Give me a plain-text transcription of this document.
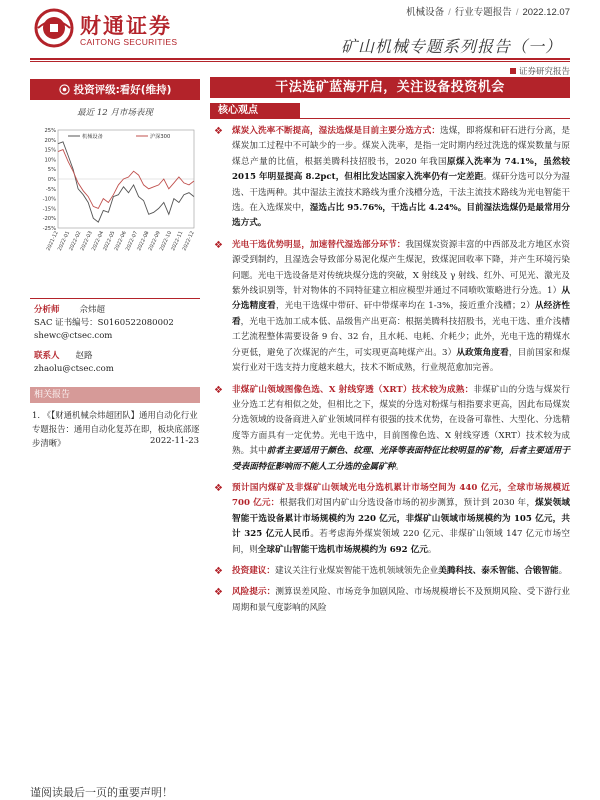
财通证券
CAITONG SECURITIES
机械设备 / 行业专题报告 / 2022.12.07
矿山机械专题系列报告（一）
证券研究报告
投资评级:看好(维持)
最近 12 月市场表现
25%
20%
15%
10%
5%
0%
-5%
-10%
-15%
-20%
-25%
2021-12
2022-01
2022-02
2022-03
2022-04
2022-05
2022-06
2022-07
2022-08
2022-09
2022-10
2022-11
2022-12
机械设备	沪深300
分析师 佘炜超
SAC 证书编号：S0160522080002
shewc@ctsec.com
联系人 赵路
zhaolu@ctsec.com
相关报告
1. 《【财通机械佘炜超团队】通用自动化行业专题报告：通用自动化复苏在即，板块底部逐步清晰》	2022-11-23
干法选矿蓝海开启，关注设备投资机会
核心观点
❖ 煤炭入洗率不断提高，湿法选煤是目前主要分选方式：选煤，即将煤和矸石进行分离，是煤炭加工过程中不可缺少的一步。煤炭入洗率，是指一定时期内经过洗选的煤炭数量与原煤总产量的比值，根据美腾科技招股书，2020 年我国原煤入洗率为 74.1%，虽然较 2015 年明显提高 8.2pct，但相比发达国家入洗率仍有一定差距。煤矸分选可以分为湿选、干选两种。其中湿法主流技术路线为重介浅槽分选，干法主流技术路线为光电智能干选。在入选煤炭中，湿选占比 95.76%，干选占比 4.24%。目前湿法选煤仍是最常用分选方式。
❖ 光电干选优势明显，加速替代湿选部分环节：我国煤炭资源丰富的中西部及北方地区水资源受到制约，且湿选会导致部分易泥化煤产生煤泥，致煤泥回收率下降，并产生环境污染问题。光电干选设备是对传统块煤分选的突破，X 射线及 γ 射线、红外、可见光、激光及紫外线识别等，针对物体的不同特征建立相应模型并通过不同喷吹策略进行分选。1）从分选精度看，光电干选煤中带矸、矸中带煤率均在 1-3%，接近重介浅槽；2）从经济性看，光电干选加工成本低、品级售产出更高：根据美腾科技招股书，光电干选、重介浅槽工艺流程整体需要设备 9 台、32 台，且水耗、电耗、介耗少；此外，光电干选的精煤水分更低，避免了次煤泥的产生，可实现更高吨煤产出。3）从政策角度看，目前国家和煤炭行业对干选支持力度越来越大，技术不断成熟，行业规范愈加完善。
❖ 非煤矿山领域图像色选、X 射线穿透（XRT）技术较为成熟：非煤矿山的分选与煤炭行业分选工艺有相似之处，但相比之下，煤炭的分选对粉煤与相指要求更高，因此布局煤炭分选领域的设备商进入矿业领域同样有很强的技术优势，在设备可靠性、大型化、分选精度等方面具有一定优势。光电干选中，目前图像色选、X 射线穿透（XRT）技术较为成熟。其中前者主要适用于颜色、纹理、光泽等表面特征比较明显的矿物，后者主要适用于受表面特征影响而不能人工分选的金属矿种。
❖ 预计国内煤矿及非煤矿山领域光电分选机累计市场空间为 440 亿元，全球市场规模近 700 亿元：根据我们对国内矿山分选设备市场的初步测算，预计到 2030 年，煤炭领域智能干选设备累计市场规模约为 220 亿元，非煤矿山领域市场规模约为 105 亿元，共计 325 亿元人民币。若考虑海外煤炭领域 220 亿元、非煤矿山领域 147 亿元市场空间，则全球矿山智能干选机市场规模约为 692 亿元。
❖ 投资建议：建议关注行业煤炭智能干选机领域领先企业美腾科技、泰禾智能、合锻智能。
❖ 风险提示：测算误差风险、市场竞争加剧风险、市场规模增长不及预期风险、受下游行业周期和景气度影响的风险
谨阅读最后一页的重要声明！
